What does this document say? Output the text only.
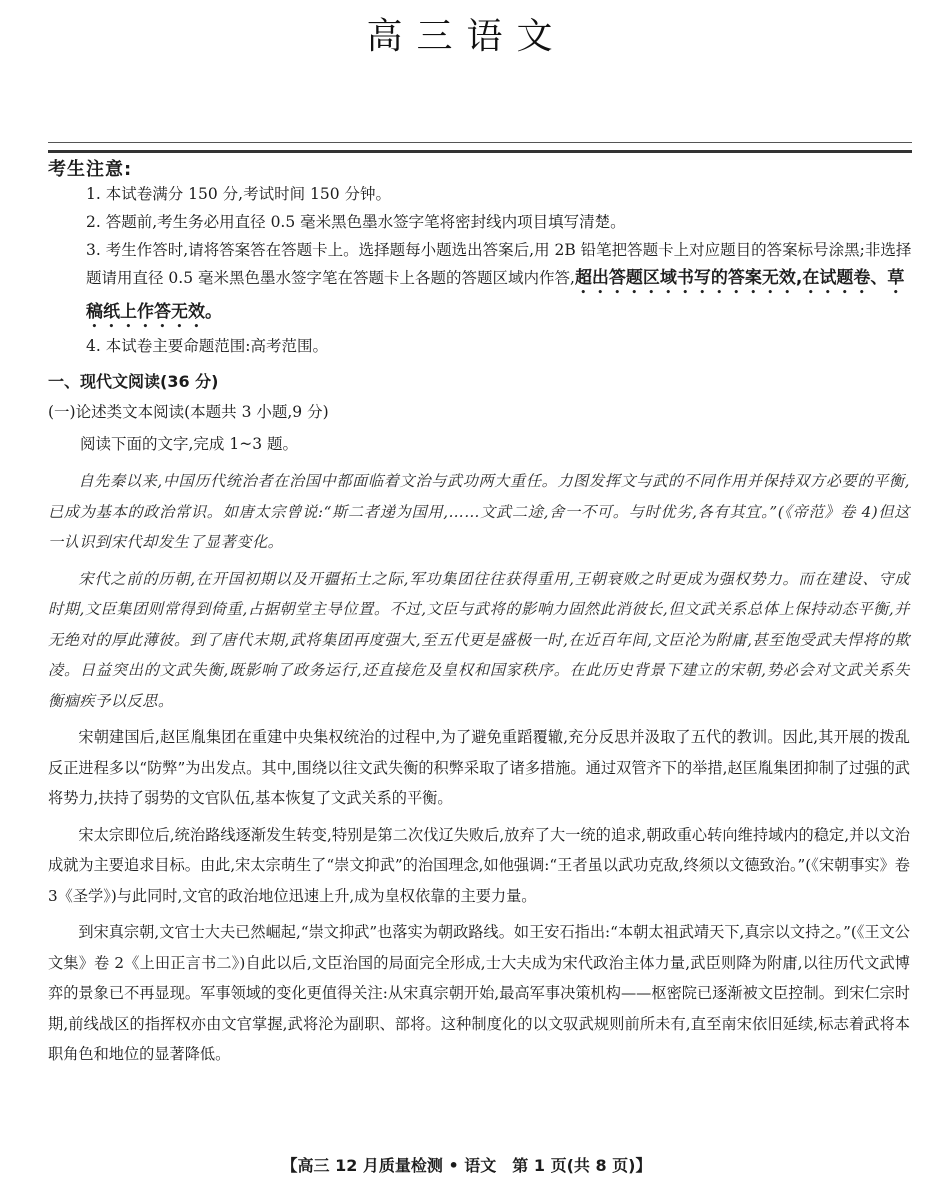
高三语文
考生注意:

1. 本试卷满分 150 分,考试时间 150 分钟。

2. 答题前,考生务必用直径 0.5 毫米黑色墨水签字笔将密封线内项目填写清楚。

3. 考生作答时,请将答案答在答题卡上。选择题每小题选出答案后,用 2B 铅笔把答题卡上对应题目的答案标号涂黑;非选择题请用直径 0.5 毫米黑色墨水签字笔在答题卡上各题的答题区域内作答,超出答题区域书写的答案无效,在试题卷、草稿纸上作答无效。

4. 本试卷主要命题范围:高考范围。

一、现代文阅读(36 分)
(一)论述类文本阅读(本题共 3 小题,9 分)
阅读下面的文字,完成 1~3 题。

自先秦以来,中国历代统治者在治国中都面临着文治与武功两大重任。力图发挥文与武的不同作用并保持双方必要的平衡,已成为基本的政治常识。如唐太宗曾说:“斯二者递为国用,……文武二途,舍一不可。与时优劣,各有其宜。”(《帝范》卷 4)但这一认识到宋代却发生了显著变化。

宋代之前的历朝,在开国初期以及开疆拓土之际,军功集团往往获得重用,王朝衰败之时更成为强权势力。而在建设、守成时期,文臣集团则常得到倚重,占据朝堂主导位置。不过,文臣与武将的影响力固然此消彼长,但文武关系总体上保持动态平衡,并无绝对的厚此薄彼。到了唐代末期,武将集团再度强大,至五代更是盛极一时,在近百年间,文臣沦为附庸,甚至饱受武夫悍将的欺凌。日益突出的文武失衡,既影响了政务运行,还直接危及皇权和国家秩序。在此历史背景下建立的宋朝,势必会对文武关系失衡痼疾予以反思。

宋朝建国后,赵匡胤集团在重建中央集权统治的过程中,为了避免重蹈覆辙,充分反思并汲取了五代的教训。因此,其开展的拨乱反正进程多以“防弊”为出发点。其中,围绕以往文武失衡的积弊采取了诸多措施。通过双管齐下的举措,赵匡胤集团抑制了过强的武将势力,扶持了弱势的文官队伍,基本恢复了文武关系的平衡。

宋太宗即位后,统治路线逐渐发生转变,特别是第二次伐辽失败后,放弃了大一统的追求,朝政重心转向维持域内的稳定,并以文治成就为主要追求目标。由此,宋太宗萌生了“崇文抑武”的治国理念,如他强调:“王者虽以武功克敌,终须以文德致治。”(《宋朝事实》卷 3《圣学》)与此同时,文官的政治地位迅速上升,成为皇权依靠的主要力量。

到宋真宗朝,文官士大夫已然崛起,“崇文抑武”也落实为朝政路线。如王安石指出:“本朝太祖武靖天下,真宗以文持之。”(《王文公文集》卷 2《上田正言书二》)自此以后,文臣治国的局面完全形成,士大夫成为宋代政治主体力量,武臣则降为附庸,以往历代文武博弈的景象已不再显现。军事领域的变化更值得关注:从宋真宗朝开始,最高军事决策机构——枢密院已逐渐被文臣控制。到宋仁宗时期,前线战区的指挥权亦由文官掌握,武将沦为副职、部将。这种制度化的以文驭武规则前所未有,直至南宋依旧延续,标志着武将本职角色和地位的显著降低。

【高三 12 月质量检测 • 语文　第 1 页(共 8 页)】
